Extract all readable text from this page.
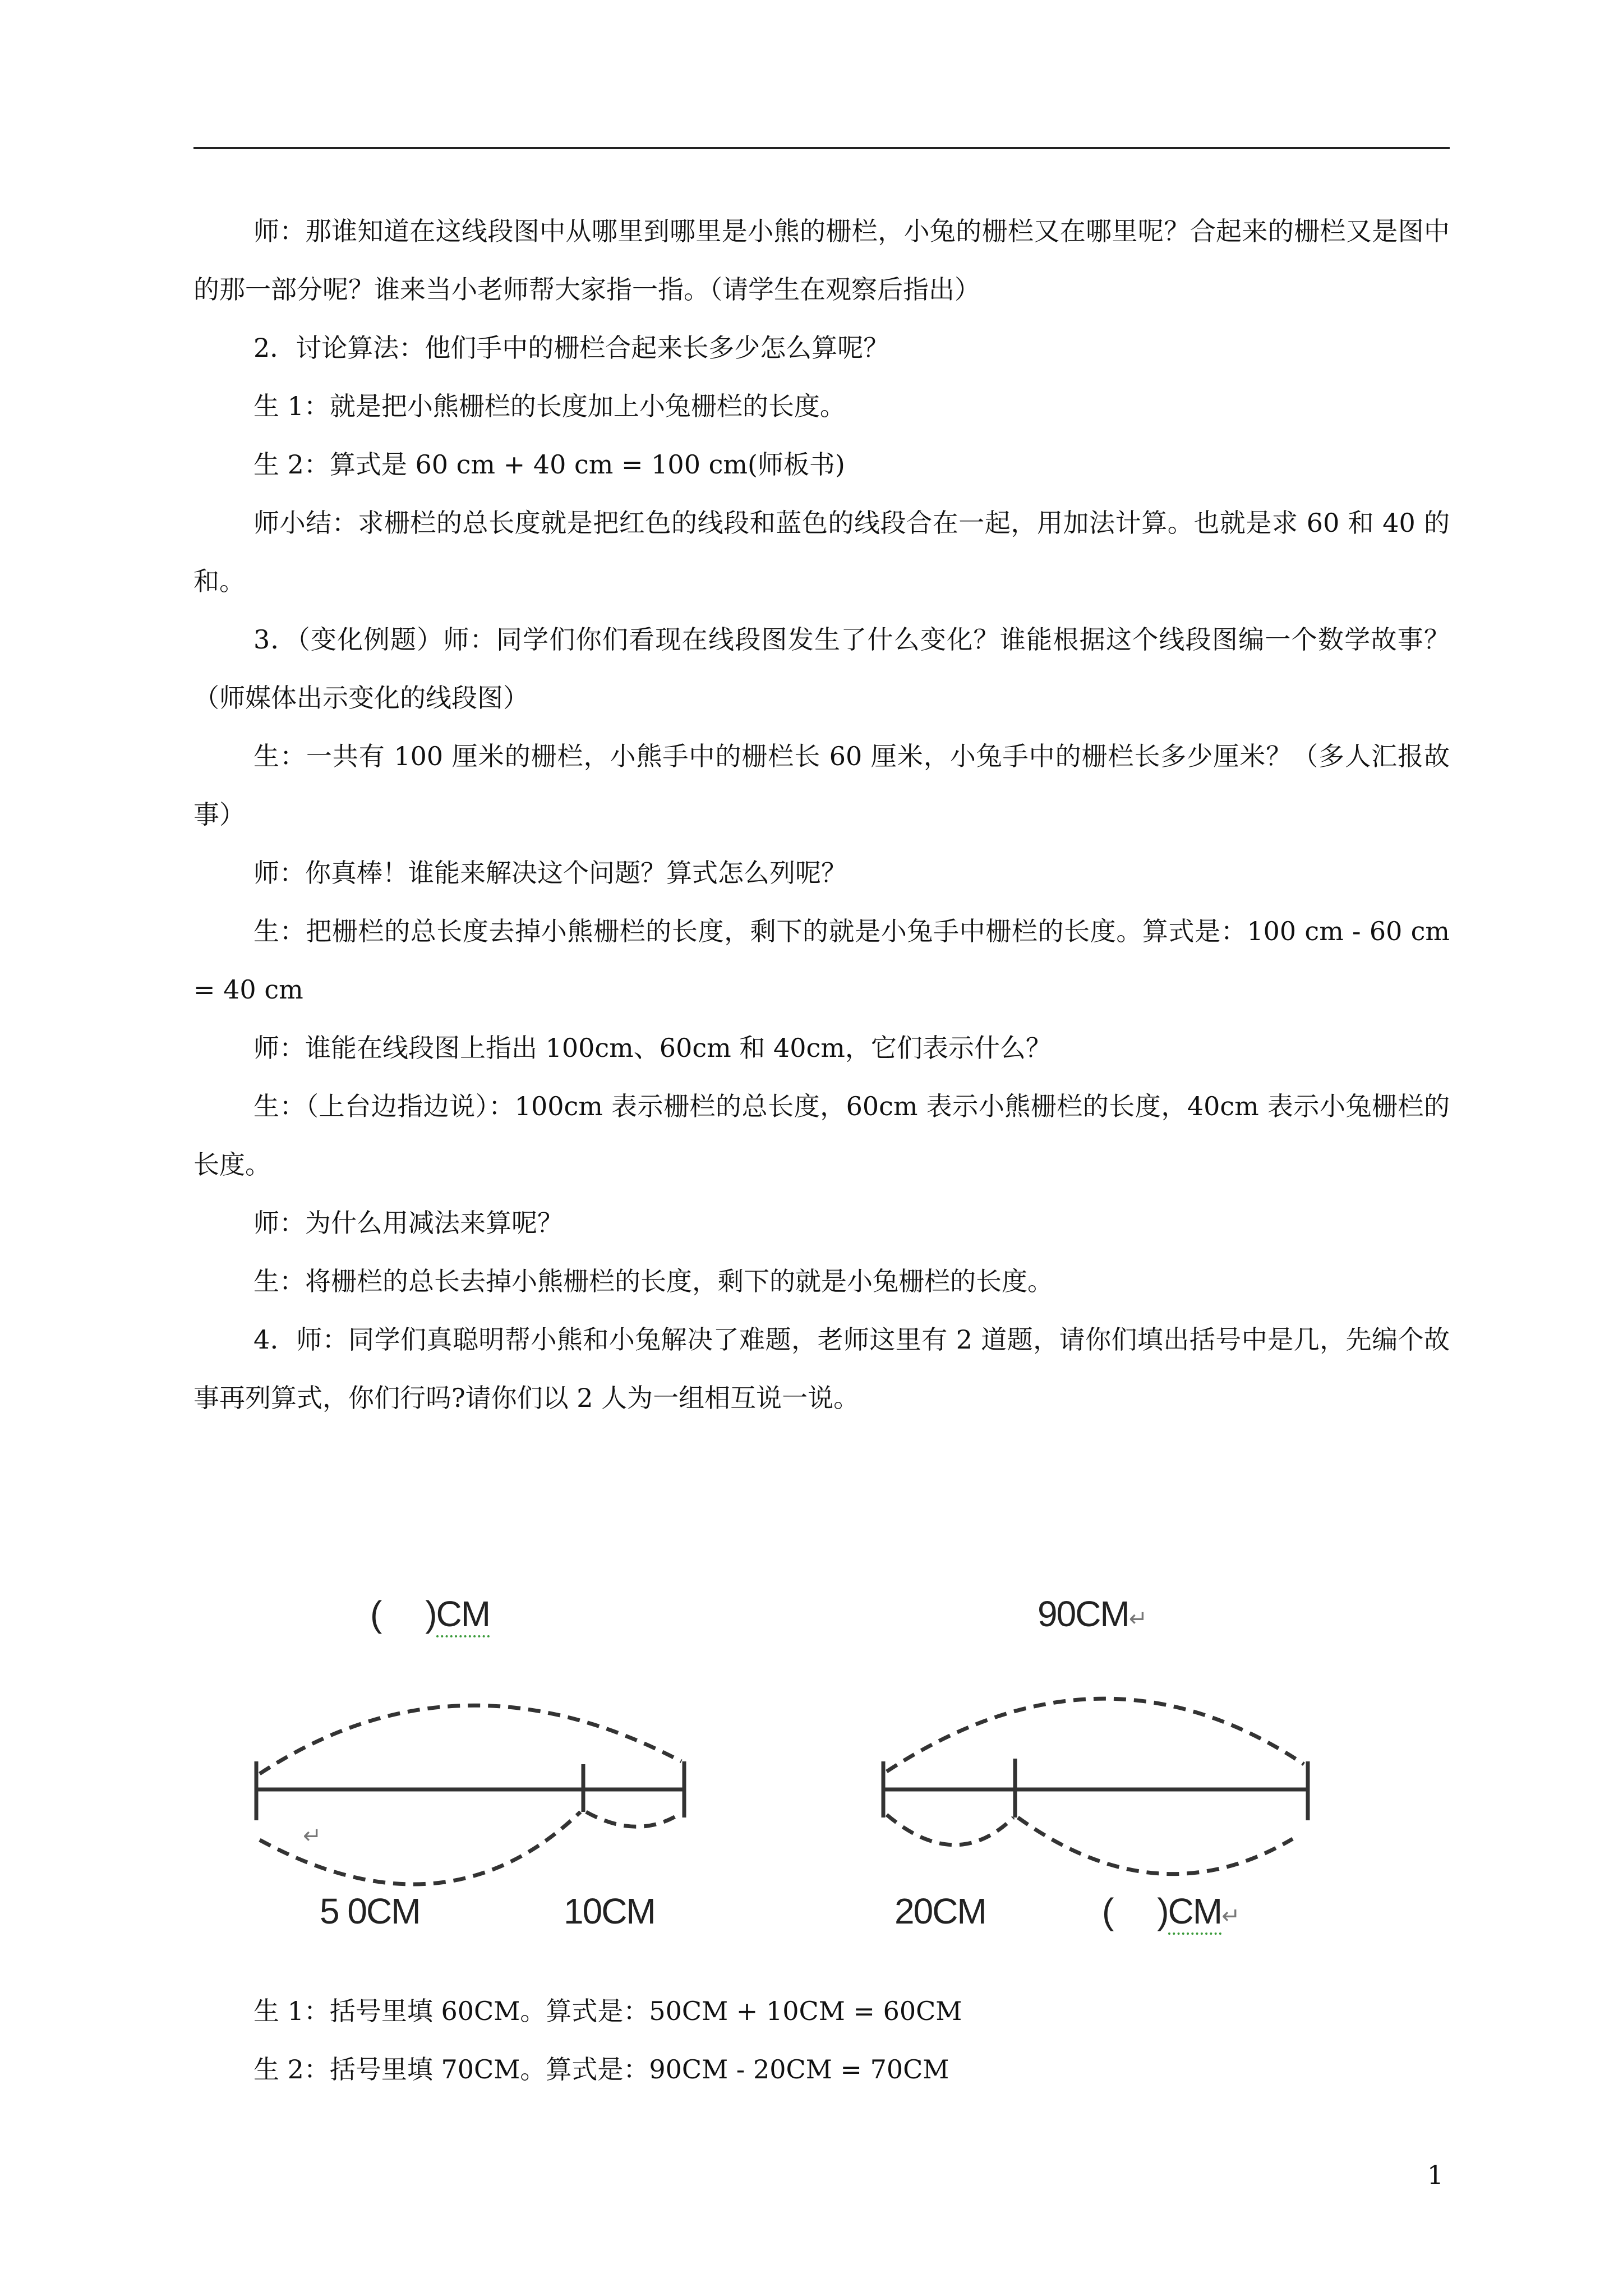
师：那谁知道在这线段图中从哪里到哪里是小熊的栅栏，小兔的栅栏又在哪里呢？合起来的栅栏又是图中的那一部分呢？谁来当小老师帮大家指一指。（请学生在观察后指出）

2．讨论算法：他们手中的栅栏合起来长多少怎么算呢？

生 1：就是把小熊栅栏的长度加上小兔栅栏的长度。

生 2：算式是 60 cm + 40 cm = 100 cm(师板书)

师小结：求栅栏的总长度就是把红色的线段和蓝色的线段合在一起，用加法计算。也就是求 60 和 40 的和。

3．（变化例题）师：同学们你们看现在线段图发生了什么变化？谁能根据这个线段图编一个数学故事？（师媒体出示变化的线段图）

生：一共有 100 厘米的栅栏，小熊手中的栅栏长 60 厘米，小兔手中的栅栏长多少厘米？（多人汇报故事）

师：你真棒！谁能来解决这个问题？算式怎么列呢？

生：把栅栏的总长度去掉小熊栅栏的长度，剩下的就是小兔手中栅栏的长度。算式是：100 cm - 60 cm = 40 cm

师：谁能在线段图上指出 100cm、60cm 和 40cm，它们表示什么？

生：（上台边指边说）：100cm 表示栅栏的总长度，60cm 表示小熊栅栏的长度，40cm 表示小兔栅栏的长度。

师：为什么用减法来算呢？

生：将栅栏的总长去掉小熊栅栏的长度，剩下的就是小兔栅栏的长度。

4．师：同学们真聪明帮小熊和小兔解决了难题，老师这里有 2 道题，请你们填出括号中是几，先编个故事再列算式，你们行吗?请你们以 2 人为一组相互说一说。

(     )CM
↵
5 0CM	10CM
90CM↵
20CM	(     )CM↵

生 1：括号里填 60CM。算式是：50CM + 10CM = 60CM

生 2：括号里填 70CM。算式是：90CM - 20CM = 70CM

1
